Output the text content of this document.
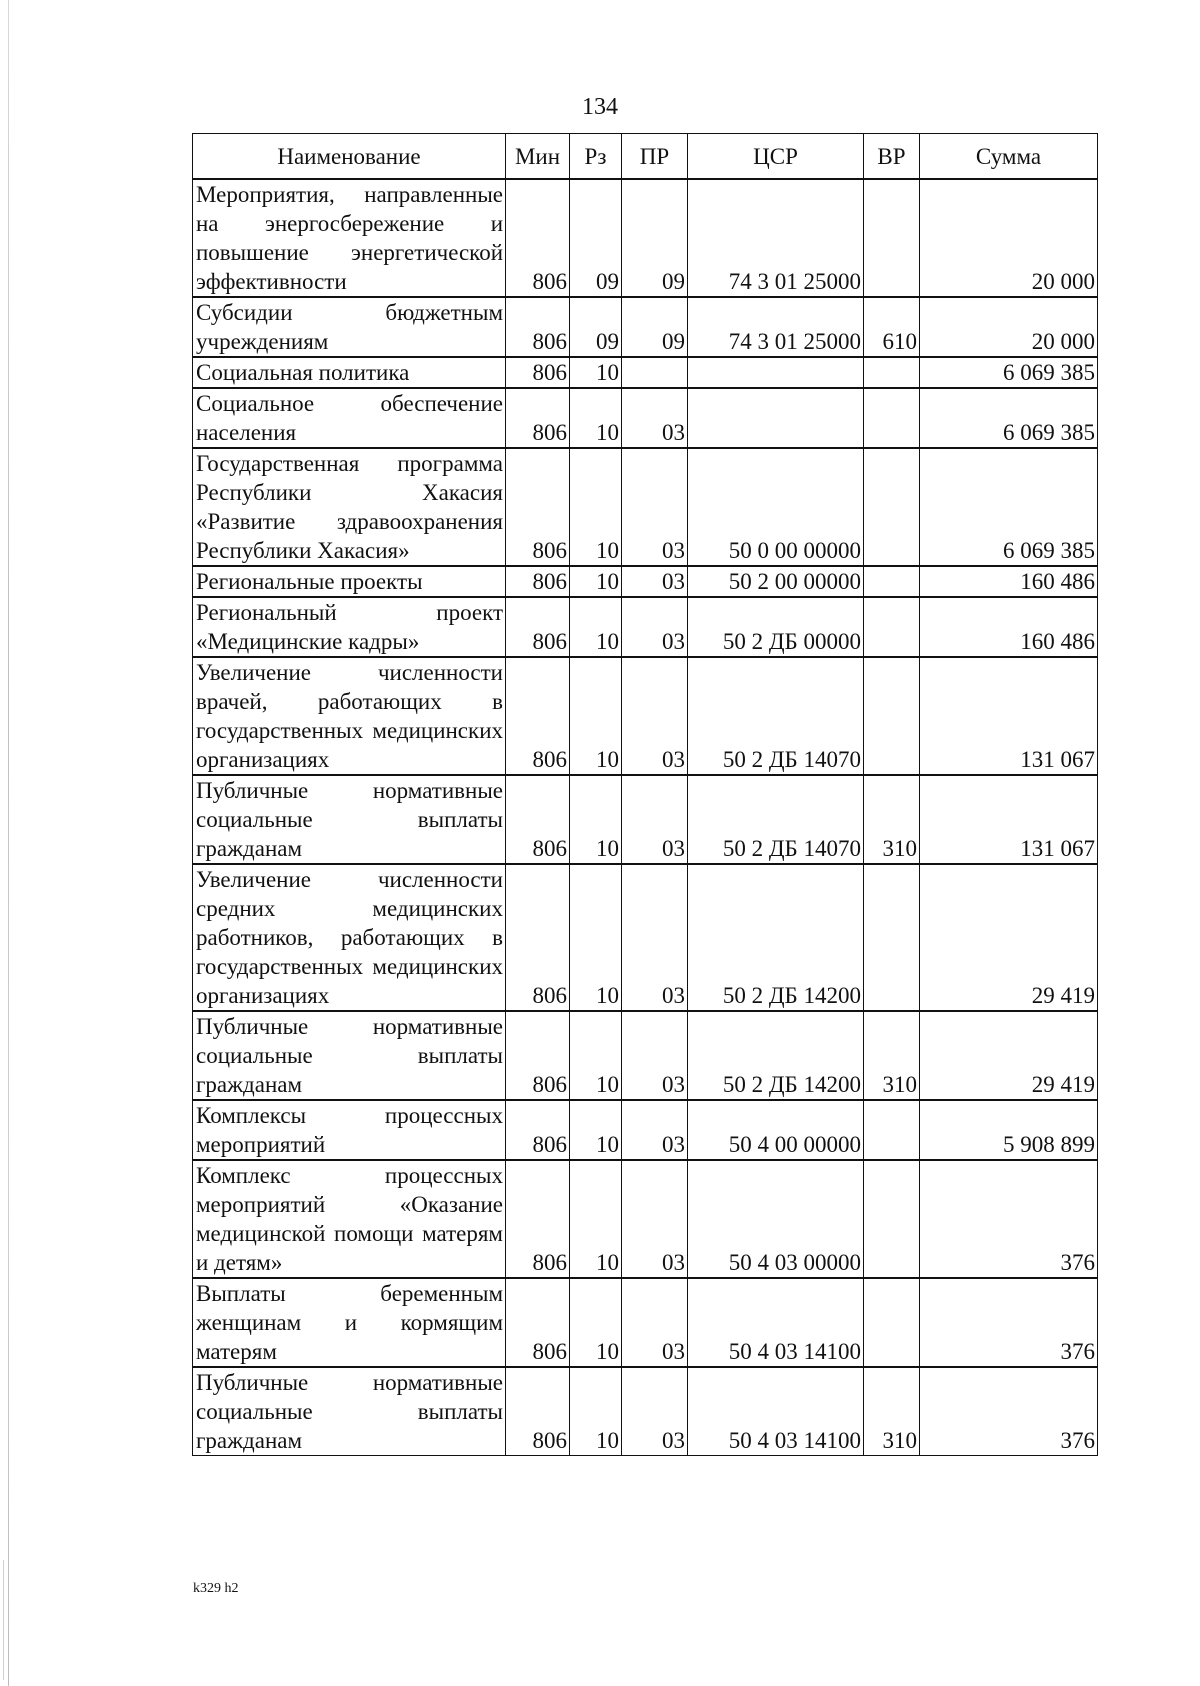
134
Наименование	Мин	Рз	ПР	ЦСР	ВР	Сумма
Мероприятия, направленные на энергосбережение и повышение энергетической эффективности	806	09	09	74 3 01 25000		20 000
Субсидии бюджетным учреждениям	806	09	09	74 3 01 25000	610	20 000
Социальная политика	806	10				6 069 385
Социальное обеспечение населения	806	10	03			6 069 385
Государственная программа Республики Хакасия «Развитие здравоохранения Республики Хакасия»	806	10	03	50 0 00 00000		6 069 385
Региональные проекты	806	10	03	50 2 00 00000		160 486
Региональный проект «Медицинские кадры»	806	10	03	50 2 ДБ 00000		160 486
Увеличение численности врачей, работающих в государственных медицинских организациях	806	10	03	50 2 ДБ 14070		131 067
Публичные нормативные социальные выплаты гражданам	806	10	03	50 2 ДБ 14070	310	131 067
Увеличение численности средних медицинских работников, работающих в государственных медицинских организациях	806	10	03	50 2 ДБ 14200		29 419
Публичные нормативные социальные выплаты гражданам	806	10	03	50 2 ДБ 14200	310	29 419
Комплексы процессных мероприятий	806	10	03	50 4 00 00000		5 908 899
Комплекс процессных мероприятий «Оказание медицинской помощи матерям и детям»	806	10	03	50 4 03 00000		376
Выплаты беременным женщинам и кормящим матерям	806	10	03	50 4 03 14100		376
Публичные нормативные социальные выплаты гражданам	806	10	03	50 4 03 14100	310	376
k329 h2
